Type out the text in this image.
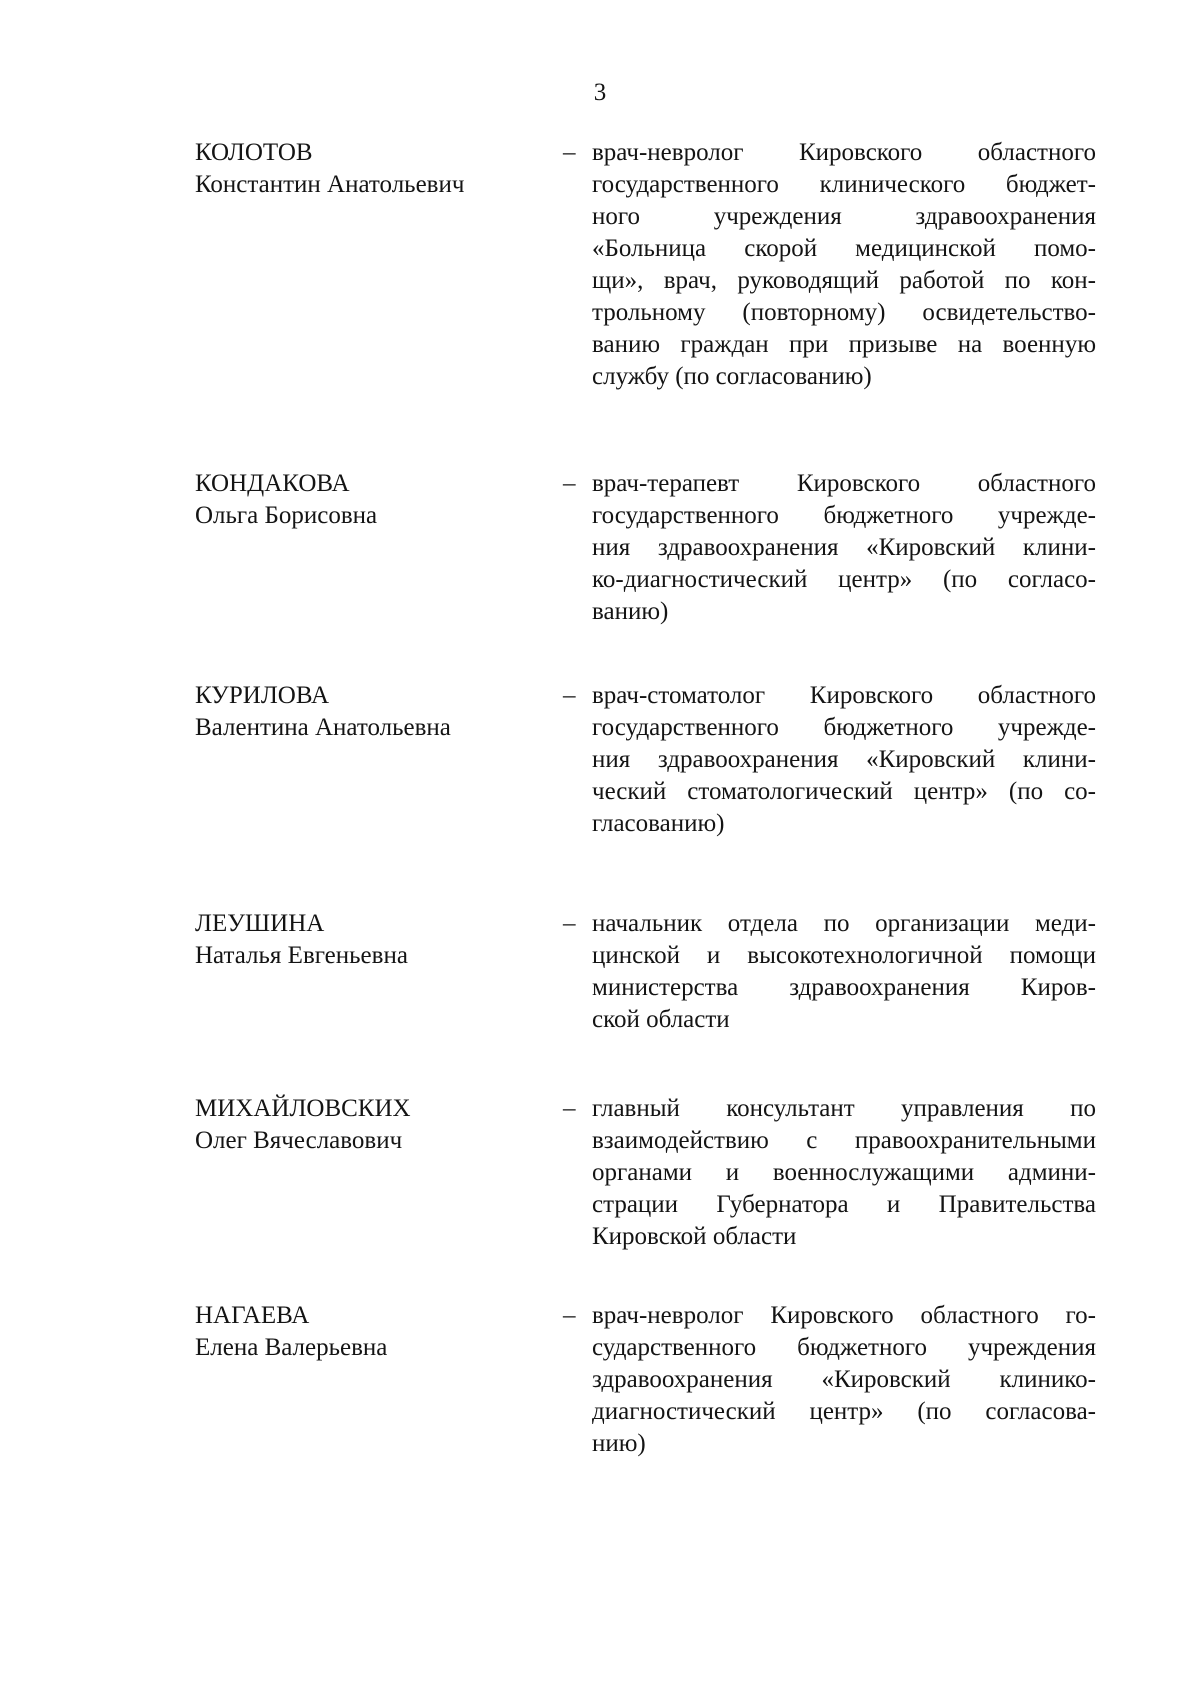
3
КОЛОТОВ
Константин Анатольевич
– врач-невролог Кировского областного
государственного клинического бюджет-
ного учреждения здравоохранения
«Больница скорой медицинской помо-
щи», врач, руководящий работой по кон-
трольному (повторному) освидетельство-
ванию граждан при призыве на военную
службу (по согласованию)
КОНДАКОВА
Ольга Борисовна
– врач-терапевт Кировского областного
государственного бюджетного учрежде-
ния здравоохранения «Кировский клини-
ко-диагностический центр» (по согласо-
ванию)
КУРИЛОВА
Валентина Анатольевна
– врач-стоматолог Кировского областного
государственного бюджетного учрежде-
ния здравоохранения «Кировский клини-
ческий стоматологический центр» (по со-
гласованию)
ЛЕУШИНА
Наталья Евгеньевна
– начальник отдела по организации меди-
цинской и высокотехнологичной помощи
министерства здравоохранения Киров-
ской области
МИХАЙЛОВСКИХ
Олег Вячеславович
– главный консультант управления по
взаимодействию с правоохранительными
органами и военнослужащими админи-
страции Губернатора и Правительства
Кировской области
НАГАЕВА
Елена Валерьевна
– врач-невролог Кировского областного го-
сударственного бюджетного учреждения
здравоохранения «Кировский клинико-
диагностический центр» (по согласова-
нию)
